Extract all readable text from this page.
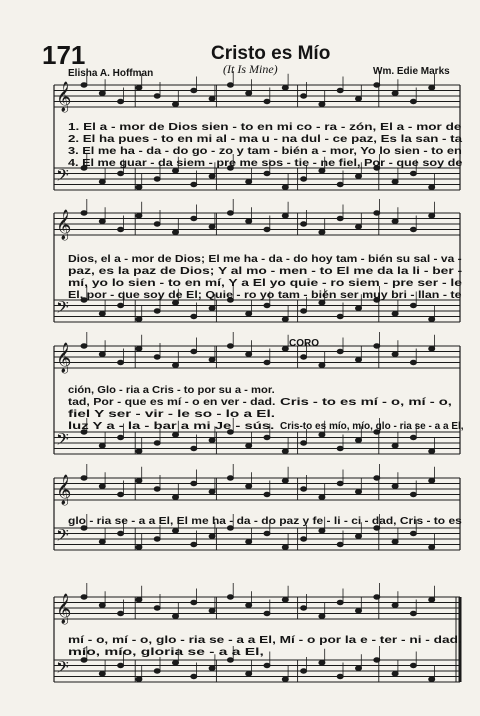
𝄞
𝄢
𝄞
𝄢
𝄞
𝄢
𝄞
𝄢
𝄞
𝄢
171	Cristo es Mío
(It Is Mine)
Elisha A. Hoffman	Wm. Edie Marks
CORO
1. El a - mor de Dios sien - to en mi co - ra - zón, El a - mor de
2. El ha pues - to en mi al - ma u - na dul - ce paz, Es la san - ta
3. El me ha - da - do go - zo y tam - bién a - mor, Yo lo sien - to en
4. El me guar - da siem - pre me sos - tie - ne fiel, Por - que soy de
Dios, el a - mor de Dios; El me ha - da - do hoy tam - bién su sal - va -
paz, es la paz de Dios; Y al mo - men - to El me da la li - ber -
mí, yo lo sien - to en mí, Y a El yo quie - ro siem - pre ser - le
El, por - que soy de El; Quie - ro yo tam - bién ser muy bri - llan - te
ción, Glo - ria a Cris - to por su a - mor.
tad, Por - que es mí - o en ver - dad.
fiel Y ser - vir - le so - lo a El.
luz Y a - la - bar a mi Je - sús.
Cris - to es mí - o, mí - o,
Cris-to es mío, mío, glo - ria se - a a El,
glo - ria se - a a El, El me ha - da - do paz y fe - li - ci - dad, Cris - to es
mí - o, mí - o, glo - ria se - a a El, Mí - o por la e - ter - ni - dad.
mío, mío, gloria se - a a El,
